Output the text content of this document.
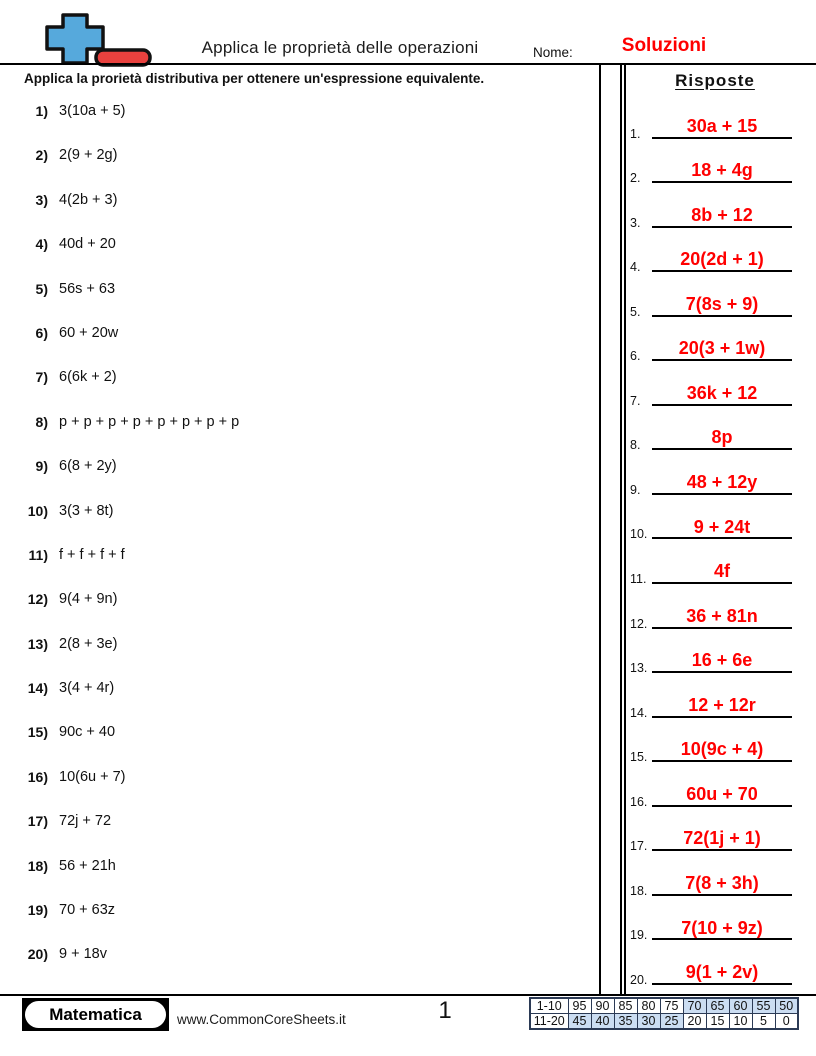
Applica le proprietà delle operazioni	Nome:	Soluzioni
Applica la prorietà distributiva per ottenere un'espressione equivalente.
1) 3(10a + 5)
2) 2(9 + 2g)
3) 4(2b + 3)
4) 40d + 20
5) 56s + 63
6) 60 + 20w
7) 6(6k + 2)
8) p + p + p + p + p + p + p + p
9) 6(8 + 2y)
10) 3(3 + 8t)
11) f + f + f + f
12) 9(4 + 9n)
13) 2(8 + 3e)
14) 3(4 + 4r)
15) 90c + 40
16) 10(6u + 7)
17) 72j + 72
18) 56 + 21h
19) 70 + 63z
20) 9 + 18v
Risposte
1.	30a + 15
2.	18 + 4g
3.	8b + 12
4.	20(2d + 1)
5.	7(8s + 9)
6.	20(3 + 1w)
7.	36k + 12
8.	8p
9.	48 + 12y
10.	9 + 24t
11.	4f
12.	36 + 81n
13.	16 + 6e
14.	12 + 12r
15.	10(9c + 4)
16.	60u + 70
17.	72(1j + 1)
18.	7(8 + 3h)
19.	7(10 + 9z)
20.	9(1 + 2v)
Matematica	www.CommonCoreSheets.it	1	1-10	95	90	85	80	75	70	65	60	55	50
11-20	45	40	35	30	25	20	15	10	5	0
